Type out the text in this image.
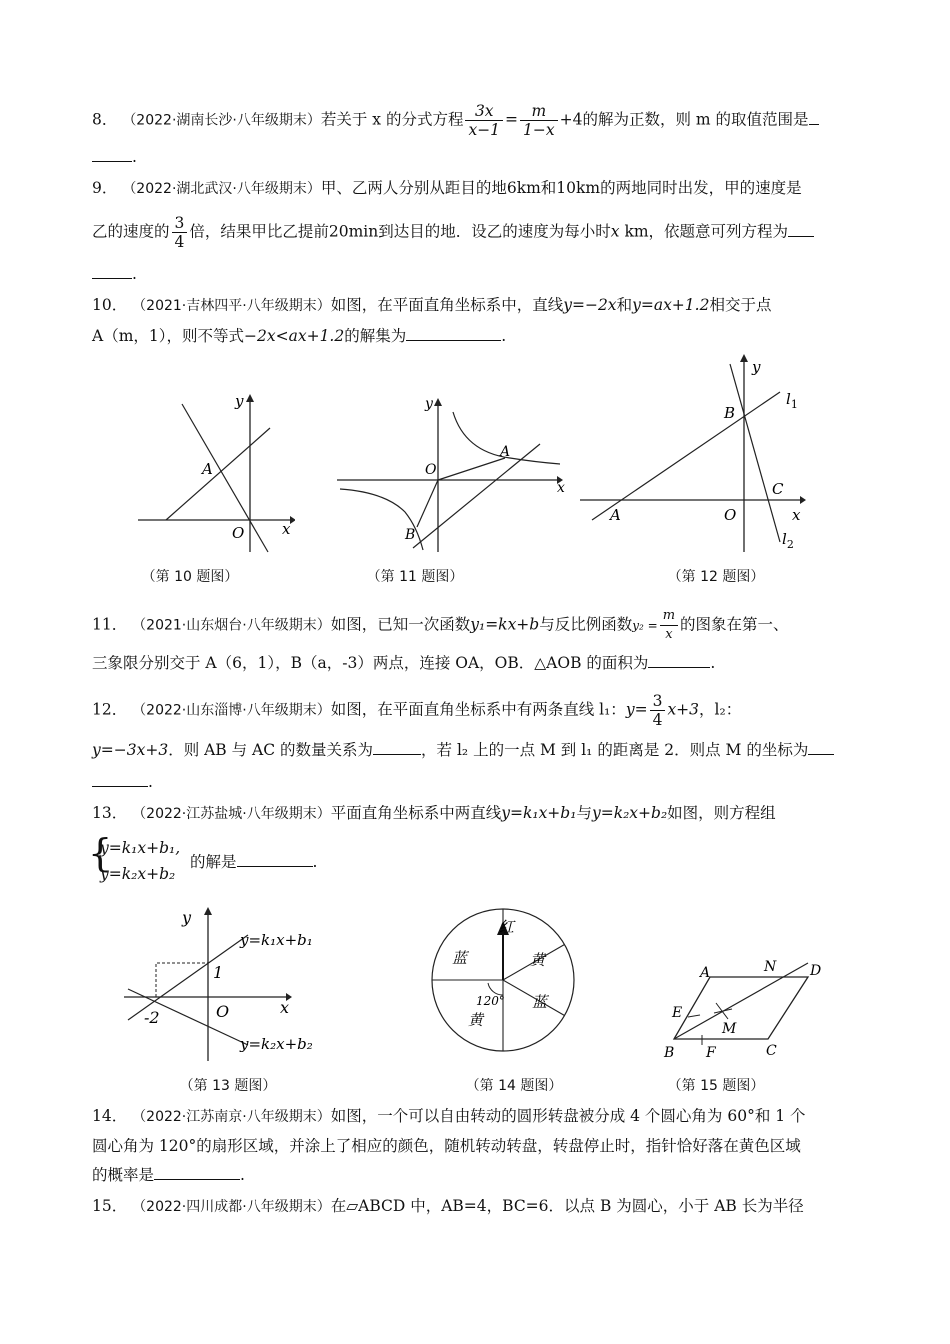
8． （2022·湖南长沙·八年级期末）若关于 x 的分式方程 $\frac{3x}{x-1} = \frac{m}{1-x} +4$的解为正数，则 m 的取值范围是
.
9． （2022·湖北武汉·八年级期末）甲、乙两人分别从距目的地6km和10km的两地同时出发，甲的速度是
乙的速度的 $\frac{3}{4}$ 倍，结果甲比乙提前20min到达目的地．设乙的速度为每小时x km，依题意可列方程为
.
10． （2021·吉林四平·八年级期末）如图，在平面直角坐标系中，直线y=−2x和y=ax+1.2相交于点
A（m，1），则不等式−2x<ax+1.2的解集为	.
y
x
A
O
（第 10 题图）
y
x
A
O
B
（第 11 题图）
y
x
A	O
B
C
$l_1$
$l_2$
（第 12 题图）
11． （2021·山东烟台·八年级期末）如图，已知一次函数y₁=kx+b与反比例函数$y_2 = \frac{m}{x}$ 的图象在第一、
三象限分别交于 A（6，1），B（a，-3）两点，连接 OA，OB．△AOB 的面积为	.
12． （2022·山东淄博·八年级期末）如图，在平面直角坐标系中有两条直线 l₁：$y= \frac{3}{4} x+3$，l₂：
y=−3x+3．则 AB 与 AC 的数量关系为	，若 l₂ 上的一点 M 到 l₁ 的距离是 2．则点 M 的坐标为
.
13． （2022·江苏盐城·八年级期末）平面直角坐标系中两直线y=k₁x+b₁与y=k₂x+b₂如图，则方程组
{
y=k₁x+b₁,
y=k₂x+b₂
的解是	.
y
x
O
1
-2
y=k₁x+b₁
y=k₂x+b₂
（第 13 题图）
红
黄
蓝
蓝
黄
120°
（第 14 题图）
A	N D
E
M
B F	C
（第 15 题图）
14． （2022·江苏南京·八年级期末）如图，一个可以自由转动的圆形转盘被分成 4 个圆心角为 60°和 1 个
圆心角为 120°的扇形区域，并涂上了相应的颜色，随机转动转盘，转盘停止时，指针恰好落在黄色区域
的概率是	.
15． （2022·四川成都·八年级期末）在▱ABCD 中，AB=4，BC=6．以点 B 为圆心，小于 AB 长为半径
